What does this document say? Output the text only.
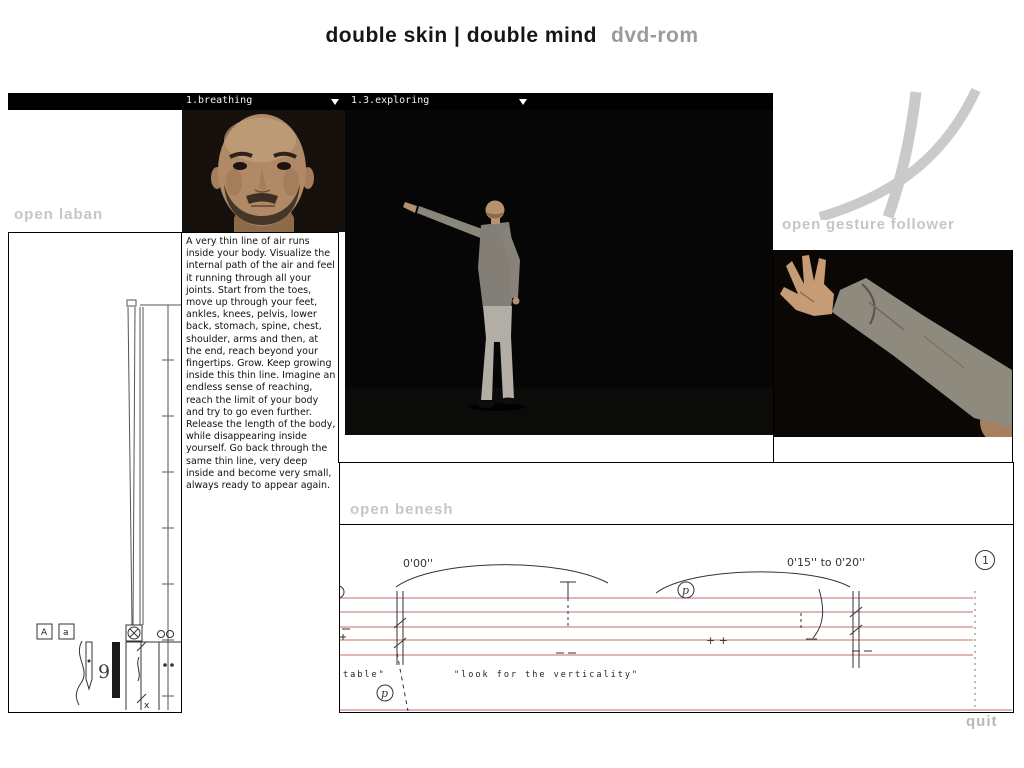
double skin | double mind dvd-rom
1.breathing	1.3.exploring
open laban
A a
9
x
A very thin line of air runs inside your body. Visualize the internal path of the air and feel it running through all your joints. Start from the toes, move up through your feet, ankles, knees, pelvis, lower back, stomach, spine, chest, shoulder, arms and then, at the end, reach beyond your fingertips. Grow. Keep growing inside this thin line. Imagine an endless sense of reaching, reach the limit of your body and try to go even further. Release the length of the body, while disappearing inside yourself. Go back through the same thin line, very deep inside and become very small, always ready to appear again.
open gesture follower
open benesh
0'00''	0'15'' to 0'20''	1
p
p
+ +
table"	"look for the verticality"
quit
